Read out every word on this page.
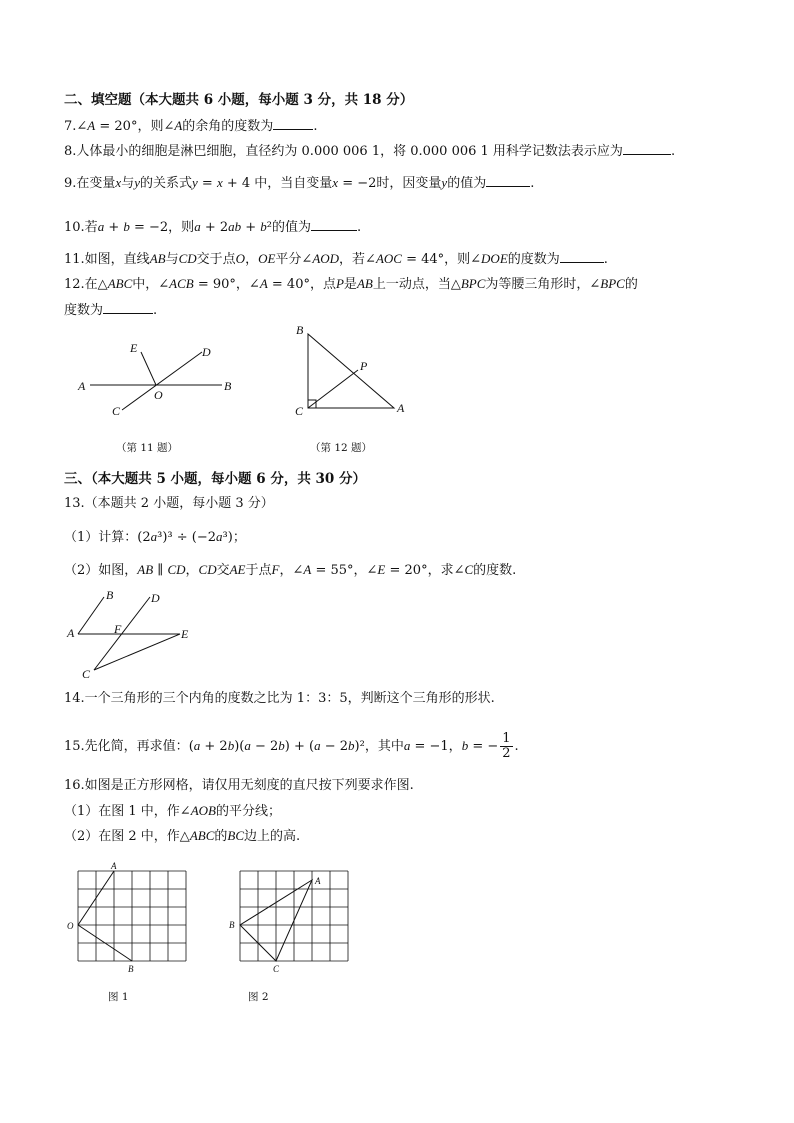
二、填空题（本大题共 6 小题，每小题 3 分，共 18 分）
7.∠A = 20°，则∠A的余角的度数为	.
8.人体最小的细胞是淋巴细胞，直径约为 0.000 006 1，将 0.000 006 1 用科学记数法表示应为	.
9.在变量x与y的关系式y = x + 4 中，当自变量x = −2时，因变量y的值为	.
10.若a + b = −2，则a + 2ab + b²的值为	.
11.如图，直线AB与CD交于点O，OE平分∠AOD，若∠AOC = 44°，则∠DOE的度数为	.
12.在△ABC中，∠ACB = 90°，∠A = 40°，点P是AB上一动点，当△BPC为等腰三角形时，∠BPC的
度数为	.
E	D
A	B
O
C
（第 11 题）
B
P
C	A
（第 12 题）
三、（本大题共 5 小题，每小题 6 分，共 30 分）
13.（本题共 2 小题，每小题 3 分）
（1）计算：(2a³)³ ÷ (−2a³)；
（2）如图，AB ∥ CD，CD交AE于点F，∠A = 55°，∠E = 20°，求∠C的度数.
B	D
A	F	E
C
14.一个三角形的三个内角的度数之比为 1：3：5，判断这个三角形的形状.
15.先化简，再求值：(a + 2b)(a − 2b) + (a − 2b)²，其中a = −1，b = − $\frac{1}{2}$ .
16.如图是正方形网格，请仅用无刻度的直尺按下列要求作图.
（1）在图 1 中，作∠AOB的平分线；
（2）在图 2 中，作△ABC的BC边上的高.
A
O
B
图 1
A
B
C
图 2
